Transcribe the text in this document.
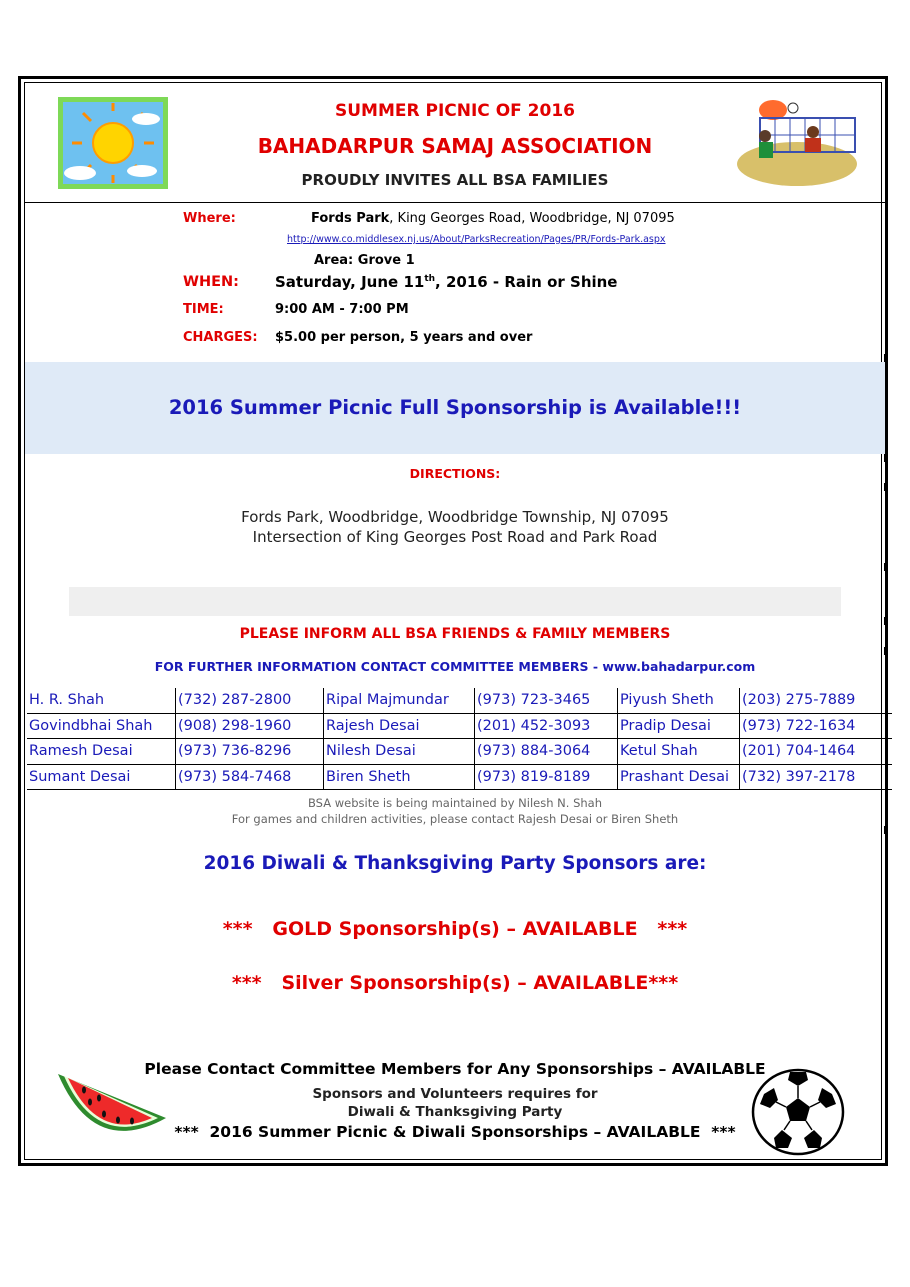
SUMMER PICNIC OF 2016
BAHADARPUR SAMAJ ASSOCIATION
PROUDLY INVITES ALL BSA FAMILIES
Where:	Fords Park, King Georges Road, Woodbridge, NJ 07095
http://www.co.middlesex.nj.us/About/ParksRecreation/Pages/PR/Fords-Park.aspx
Area: Grove 1
WHEN: Saturday, June 11th, 2016 - Rain or Shine
TIME:	9:00 AM - 7:00 PM
CHARGES: $5.00 per person, 5 years and over
2016 Summer Picnic Full Sponsorship is Available!!!
DIRECTIONS:
Fords Park, Woodbridge, Woodbridge Township, NJ 07095
Intersection of King Georges Post Road and Park Road
PLEASE INFORM ALL BSA FRIENDS & FAMILY MEMBERS
FOR FURTHER INFORMATION CONTACT COMMITTEE MEMBERS - www.bahadarpur.com
H. R. Shah	(732) 287-2800	Ripal Majmundar	(973) 723-3465	Piyush Sheth	(203) 275-7889
Govindbhai Shah	(908) 298-1960	Rajesh Desai	(201) 452-3093	Pradip Desai	(973) 722-1634
Ramesh Desai	(973) 736-8296	Nilesh Desai	(973) 884-3064	Ketul Shah	(201) 704-1464
Sumant Desai	(973) 584-7468	Biren Sheth	(973) 819-8189	Prashant Desai	(732) 397-2178
BSA website is being maintained by Nilesh N. Shah
For games and children activities, please contact Rajesh Desai or Biren Sheth
2016 Diwali & Thanksgiving Party Sponsors are:
***   GOLD Sponsorship(s) – AVAILABLE   ***
***   Silver Sponsorship(s) – AVAILABLE***

Please Contact Committee Members for Any Sponsorships – AVAILABLE

***  2016 Summer Picnic & Diwali Sponsorships – AVAILABLE  ***

Sponsors and Volunteers requires for
Diwali & Thanksgiving Party
